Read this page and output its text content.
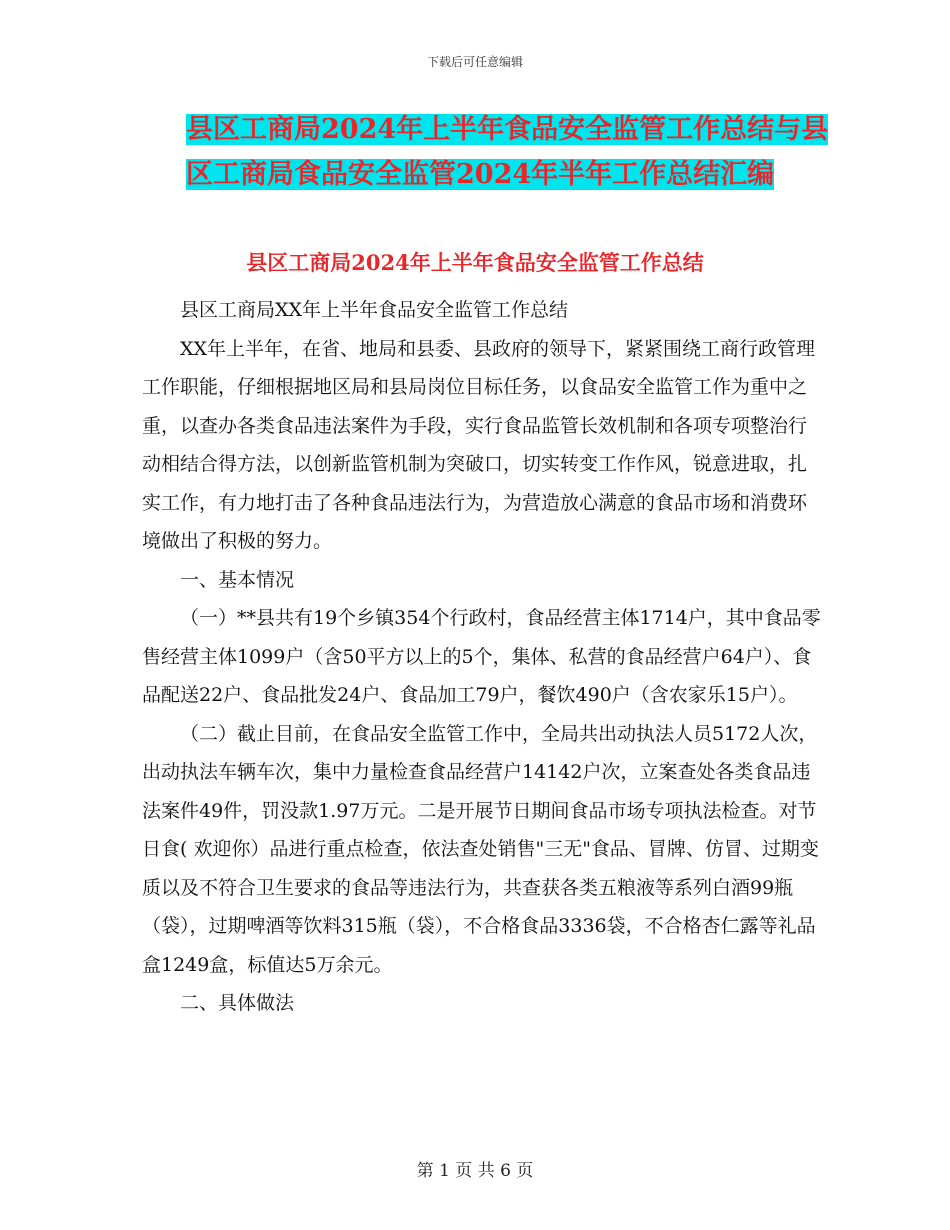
下载后可任意编辑
县区工商局2024年上半年食品安全监管工作总结与县
区工商局食品安全监管2024年半年工作总结汇编
县区工商局2024年上半年食品安全监管工作总结

县区工商局XX年上半年食品安全监管工作总结

XX年上半年，在省、地局和县委、县政府的领导下，紧紧围绕工商行政管理工作职能，仔细根据地区局和县局岗位目标任务，以食品安全监管工作为重中之重，以查办各类食品违法案件为手段，实行食品监管长效机制和各项专项整治行动相结合得方法，以创新监管机制为突破口，切实转变工作作风，锐意进取，扎实工作，有力地打击了各种食品违法行为，为营造放心满意的食品市场和消费环境做出了积极的努力。

一、基本情况

（一）**县共有19个乡镇354个行政村，食品经营主体1714户，其中食品零售经营主体1099户（含50平方以上的5个，集体、私营的食品经营户64户）、食品配送22户、食品批发24户、食品加工79户，餐饮490户（含农家乐15户）。

（二）截止目前，在食品安全监管工作中，全局共出动执法人员5172人次，出动执法车辆车次，集中力量检查食品经营户14142户次，立案查处各类食品违法案件49件，罚没款1.97万元。二是开展节日期间食品市场专项执法检查。对节日食( 欢迎你）品进行重点检查，依法查处销售"三无"食品、冒牌、仿冒、过期变质以及不符合卫生要求的食品等违法行为，共查获各类五粮液等系列白酒99瓶（袋），过期啤酒等饮料315瓶（袋），不合格食品3336袋，不合格杏仁露等礼品盒1249盒，标值达5万余元。

二、具体做法

第 1 页 共 6 页
